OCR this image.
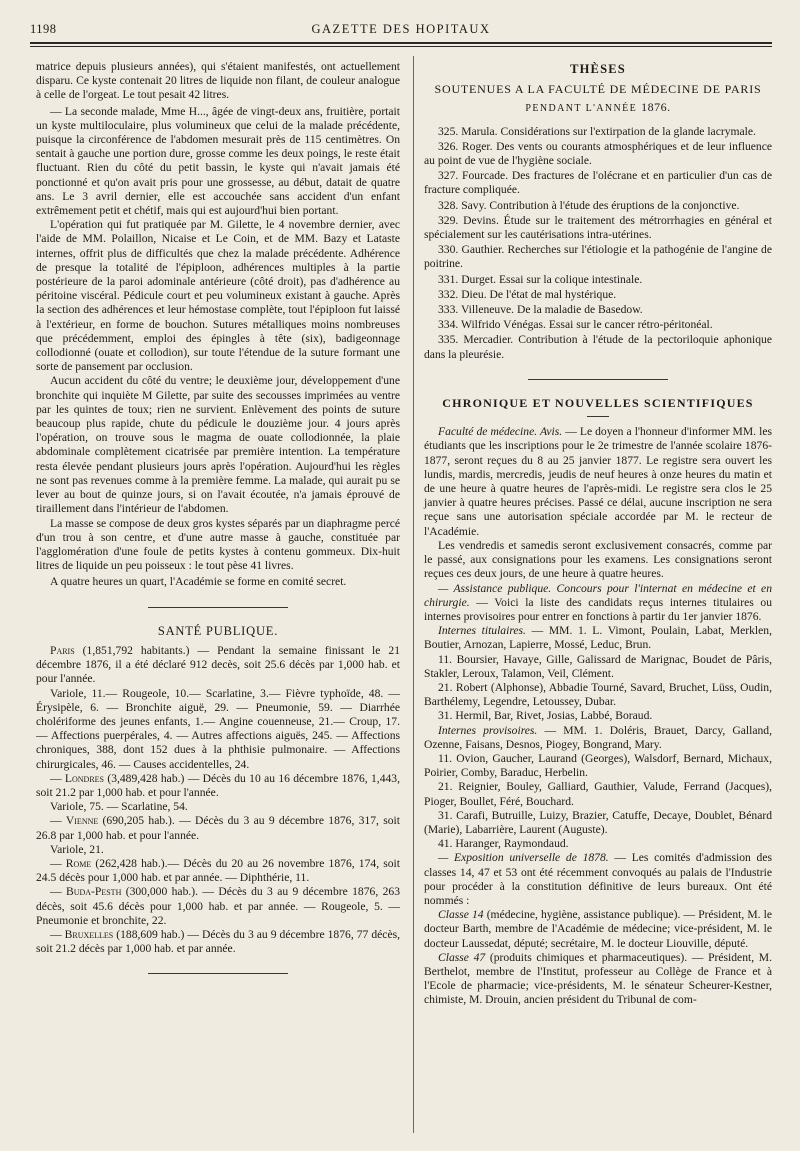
1198	GAZETTE DES HOPITAUX

matrice depuis plusieurs années), qui s'étaient manifestés, ont actuellement disparu. Ce kyste contenait 20 litres de liquide non filant, de couleur analogue à celle de l'orgeat. Le tout pesait 42 litres.

— La seconde malade, Mme H..., âgée de vingt-deux ans, fruitière, portait un kyste multiloculaire, plus volumineux que celui de la malade précédente, puisque la circonférence de l'abdomen mesurait près de 115 centimètres. On sentait à gauche une portion dure, grosse comme les deux poings, le reste était fluctuant. Rien du côté du petit bassin, le kyste qui n'avait jamais été ponctionné et qu'on avait pris pour une grossesse, au début, datait de quatre ans. Le 3 avril dernier, elle est accouchée sans accident d'un enfant extrêmement petit et chétif, mais qui est aujourd'hui bien portant.

L'opération qui fut pratiquée par M. Gilette, le 4 novembre dernier, avec l'aide de MM. Polaillon, Nicaise et Le Coin, et de MM. Bazy et Lataste internes, offrit plus de difficultés que chez la malade précédente. Adhérence de presque la totalité de l'épiploon, adhérences multiples à la partie postérieure de la paroi adominale antérieure (côté droit), pas d'adhérence au péritoine viscéral. Pédicule court et peu volumineux existant à gauche. Après la section des adhérences et leur hémostase complète, tout l'épiploon fut laissé à l'extérieur, en forme de bouchon. Sutures métalliques moins nombreuses que précédemment, emploi des épingles à tête (six), badigeonnage collodionné (ouate et collodion), sur toute l'étendue de la suture formant une sorte de pansement par occlusion.

Aucun accident du côté du ventre; le deuxième jour, développement d'une bronchite qui inquiète M Gilette, par suite des secousses imprimées au ventre par les quintes de toux; rien ne survient. Enlèvement des points de suture beaucoup plus rapide, chute du pédicule le douzième jour. 4 jours après l'opération, on trouve sous le magma de ouate collodionnée, la plaie abdominale complètement cicatrisée par première intention. La température resta élevée pendant plusieurs jours après l'opération. Aujourd'hui les règles ne sont pas revenues comme à la première femme. La malade, qui aurait pu se lever au bout de quinze jours, si on l'avait écoutée, n'a jamais éprouvé de tiraillement dans l'intérieur de l'abdomen.

La masse se compose de deux gros kystes séparés par un diaphragme percé d'un trou à son centre, et d'une autre masse à gauche, constituée par l'agglomération d'une foule de petits kystes à contenu gommeux. Dix-huit litres de liquide un peu poisseux : le tout pèse 41 livres.

A quatre heures un quart, l'Académie se forme en comité secret.

SANTÉ PUBLIQUE.

Paris (1,851,792 habitants.) — Pendant la semaine finissant le 21 décembre 1876, il a été déclaré 912 decès, soit 25.6 décès par 1,000 hab. et pour l'année.

Variole, 11.— Rougeole, 10.— Scarlatine, 3.— Fièvre typhoïde, 48. — Érysipèle, 6. — Bronchite aiguë, 29. — Pneumonie, 59. — Diarrhée cholériforme des jeunes enfants, 1.— Angine couenneuse, 21.— Croup, 17. — Affections puerpérales, 4. — Autres affections aiguës, 245. — Affections chroniques, 388, dont 152 dues à la phthisie pulmonaire. — Affections chirurgicales, 46. — Causes accidentelles, 24.

— Londres (3,489,428 hab.) — Décès du 10 au 16 décembre 1876, 1,443, soit 21.2 par 1,000 hab. et pour l'année.

Variole, 75. — Scarlatine, 54.

— Vienne (690,205 hab.). — Décès du 3 au 9 décembre 1876, 317, soit 26.8 par 1,000 hab. et pour l'année.

Variole, 21.

— Rome (262,428 hab.).— Décès du 20 au 26 novembre 1876, 174, soit 24.5 décès pour 1,000 hab. et par année. — Diphthérie, 11.

— Buda-Pesth (300,000 hab.). — Décès du 3 au 9 décembre 1876, 263 décès, soit 45.6 décès pour 1,000 hab. et par année. — Rougeole, 5. — Pneumonie et bronchite, 22.

— Bruxelles (188,609 hab.) — Décès du 3 au 9 décembre 1876, 77 décès, soit 21.2 décès par 1,000 hab. et par année.

THÈSES
SOUTENUES A LA FACULTÉ DE MÉDECINE DE PARIS
PENDANT L'ANNÉE 1876.

325. Marula. Considérations sur l'extirpation de la glande lacrymale.

326. Roger. Des vents ou courants atmosphériques et de leur influence au point de vue de l'hygiène sociale.

327. Fourcade. Des fractures de l'olécrane et en particulier d'un cas de fracture compliquée.

328. Savy. Contribution à l'étude des éruptions de la conjonctive.

329. Devins. Étude sur le traitement des métrorrhagies en général et spécialement sur les cautérisations intra-utérines.

330. Gauthier. Recherches sur l'étiologie et la pathogénie de l'angine de poitrine.

331. Durget. Essai sur la colique intestinale.

332. Dieu. De l'état de mal hystérique.

333. Villeneuve. De la maladie de Basedow.

334. Wilfrido Vénégas. Essai sur le cancer rétro-péritonéal.

335. Mercadier. Contribution à l'étude de la pectoriloquie aphonique dans la pleurésie.

CHRONIQUE ET NOUVELLES SCIENTIFIQUES

Faculté de médecine. Avis. — Le doyen a l'honneur d'informer MM. les étudiants que les inscriptions pour le 2e trimestre de l'année scolaire 1876-1877, seront reçues du 8 au 25 janvier 1877. Le registre sera ouvert les lundis, mardis, mercredis, jeudis de neuf heures à onze heures du matin et de une heure à quatre heures de l'après-midi. Le registre sera clos le 25 janvier à quatre heures précises. Passé ce délai, aucune inscription ne sera reçue sans une autorisation spéciale accordée par M. le recteur de l'Académie.

Les vendredis et samedis seront exclusivement consacrés, comme par le passé, aux consignations pour les examens. Les consignations seront reçues ces deux jours, de une heure à quatre heures.

— Assistance publique. Concours pour l'internat en médecine et en chirurgie. — Voici la liste des candidats reçus internes titulaires ou internes provisoires pour entrer en fonctions à partir du 1er janvier 1876.

Internes titulaires. — MM. 1. L. Vimont, Poulain, Labat, Merklen, Boutier, Arnozan, Lapierre, Mossé, Leduc, Brun.

11. Boursier, Havaye, Gille, Galissard de Marignac, Boudet de Pâris, Stakler, Leroux, Talamon, Veil, Clément.

21. Robert (Alphonse), Abbadie Tourné, Savard, Bruchet, Lüss, Oudin, Barthélemy, Legendre, Letoussey, Dubar.

31. Hermil, Bar, Rivet, Josias, Labbé, Boraud.

Internes provisoires. — MM. 1. Doléris, Brauet, Darcy, Galland, Ozenne, Faisans, Desnos, Piogey, Bongrand, Mary.

11. Ovion, Gaucher, Laurand (Georges), Walsdorf, Bernard, Michaux, Poirier, Comby, Baraduc, Herbelin.

21. Reignier, Bouley, Galliard, Gauthier, Valude, Ferrand (Jacques), Pioger, Boullet, Féré, Bouchard.

31. Carafi, Butruille, Luizy, Brazier, Catuffe, Decaye, Doublet, Bénard (Marie), Labarrière, Laurent (Auguste).

41. Haranger, Raymondaud.

— Exposition universelle de 1878. — Les comités d'admission des classes 14, 47 et 53 ont été récemment convoqués au palais de l'Industrie pour procéder à la constitution définitive de leurs bureaux. Ont été nommés :

Classe 14 (médecine, hygiène, assistance publique). — Président, M. le docteur Barth, membre de l'Académie de médecine; vice-président, M. le docteur Laussedat, député; secrétaire, M. le docteur Liouville, député.

Classe 47 (produits chimiques et pharmaceutiques). — Président, M. Berthelot, membre de l'Institut, professeur au Collège de France et à l'Ecole de pharmacie; vice-présidents, M. le sénateur Scheurer-Kestner, chimiste, M. Drouin, ancien président du Tribunal de com-
